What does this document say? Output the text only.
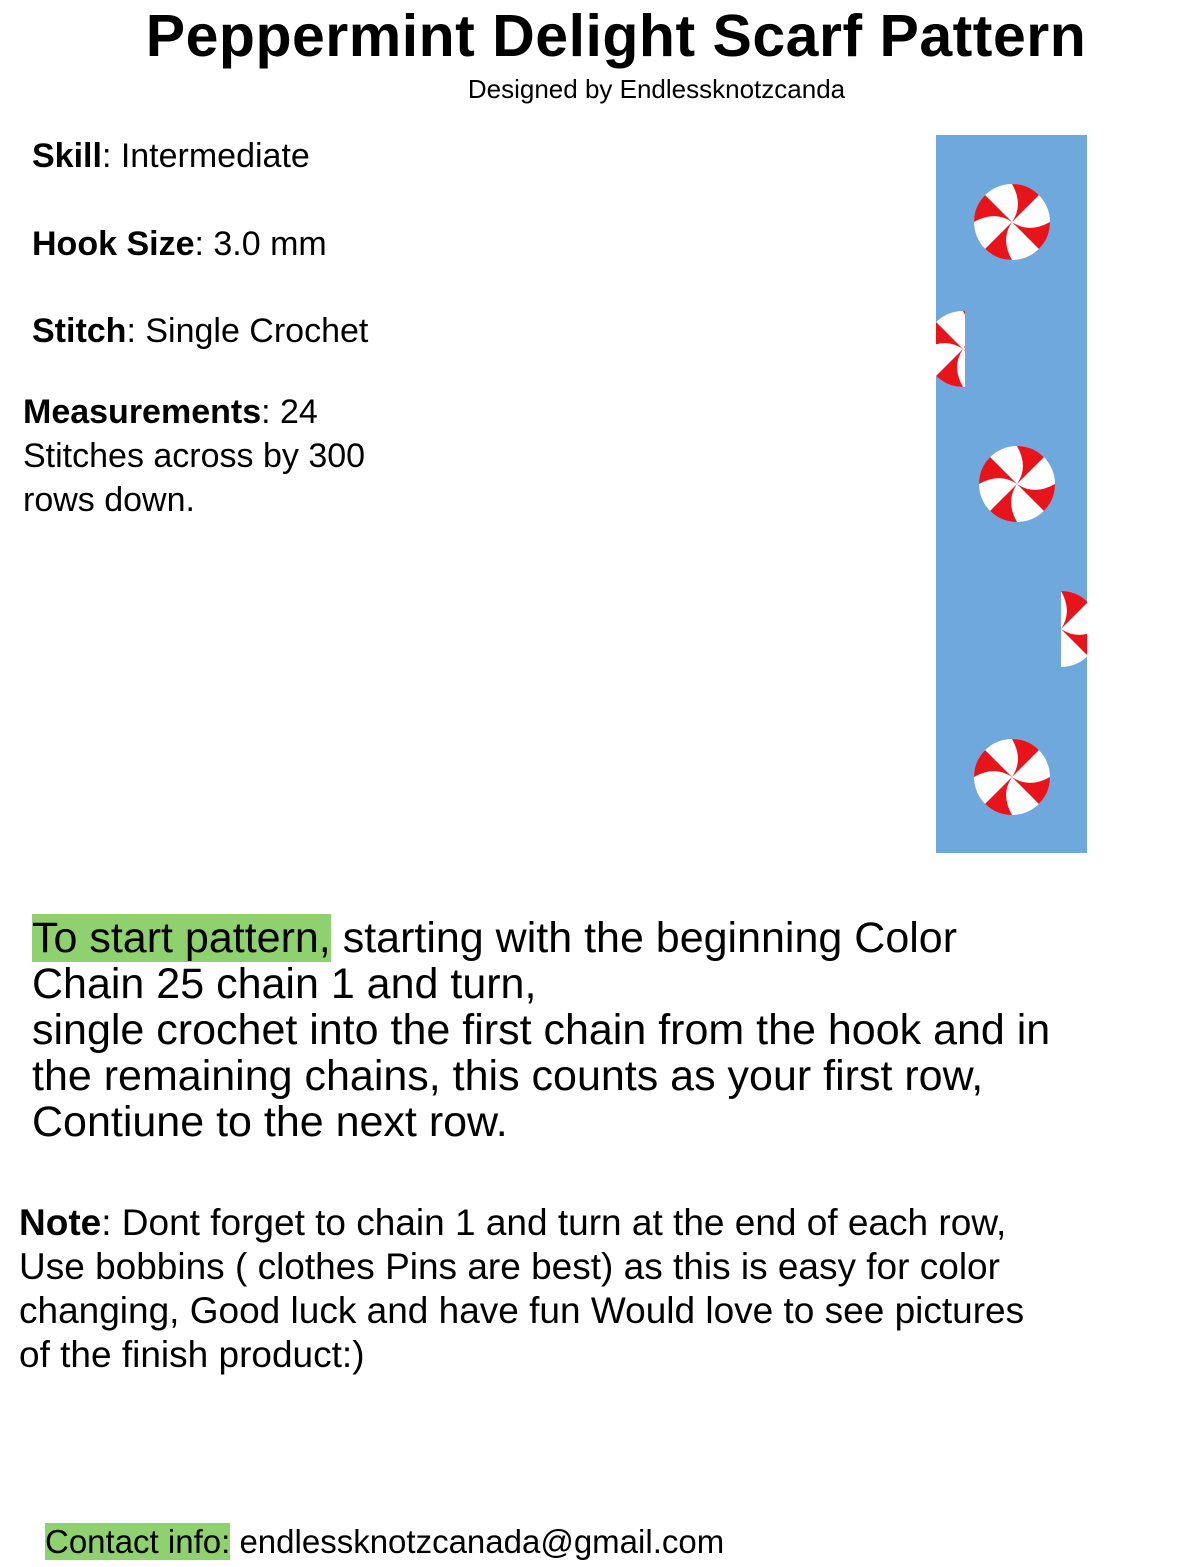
Peppermint Delight Scarf Pattern
Designed by Endlessknotzcanda
Skill: Intermediate
Hook Size: 3.0 mm
Stitch: Single Crochet
Measurements: 24
Stitches across by 300
rows down.
To start pattern, starting with the beginning Color
Chain 25 chain 1 and turn,
single crochet into the first chain from the hook and in
the remaining chains, this counts as your first row,
Contiune to the next row.
Note: Dont forget to chain 1 and turn at the end of each row,
Use bobbins ( clothes Pins are best) as this is easy for color
changing, Good luck and have fun Would love to see pictures
of the finish product:)
Contact info: endlessknotzcanada@gmail.com
